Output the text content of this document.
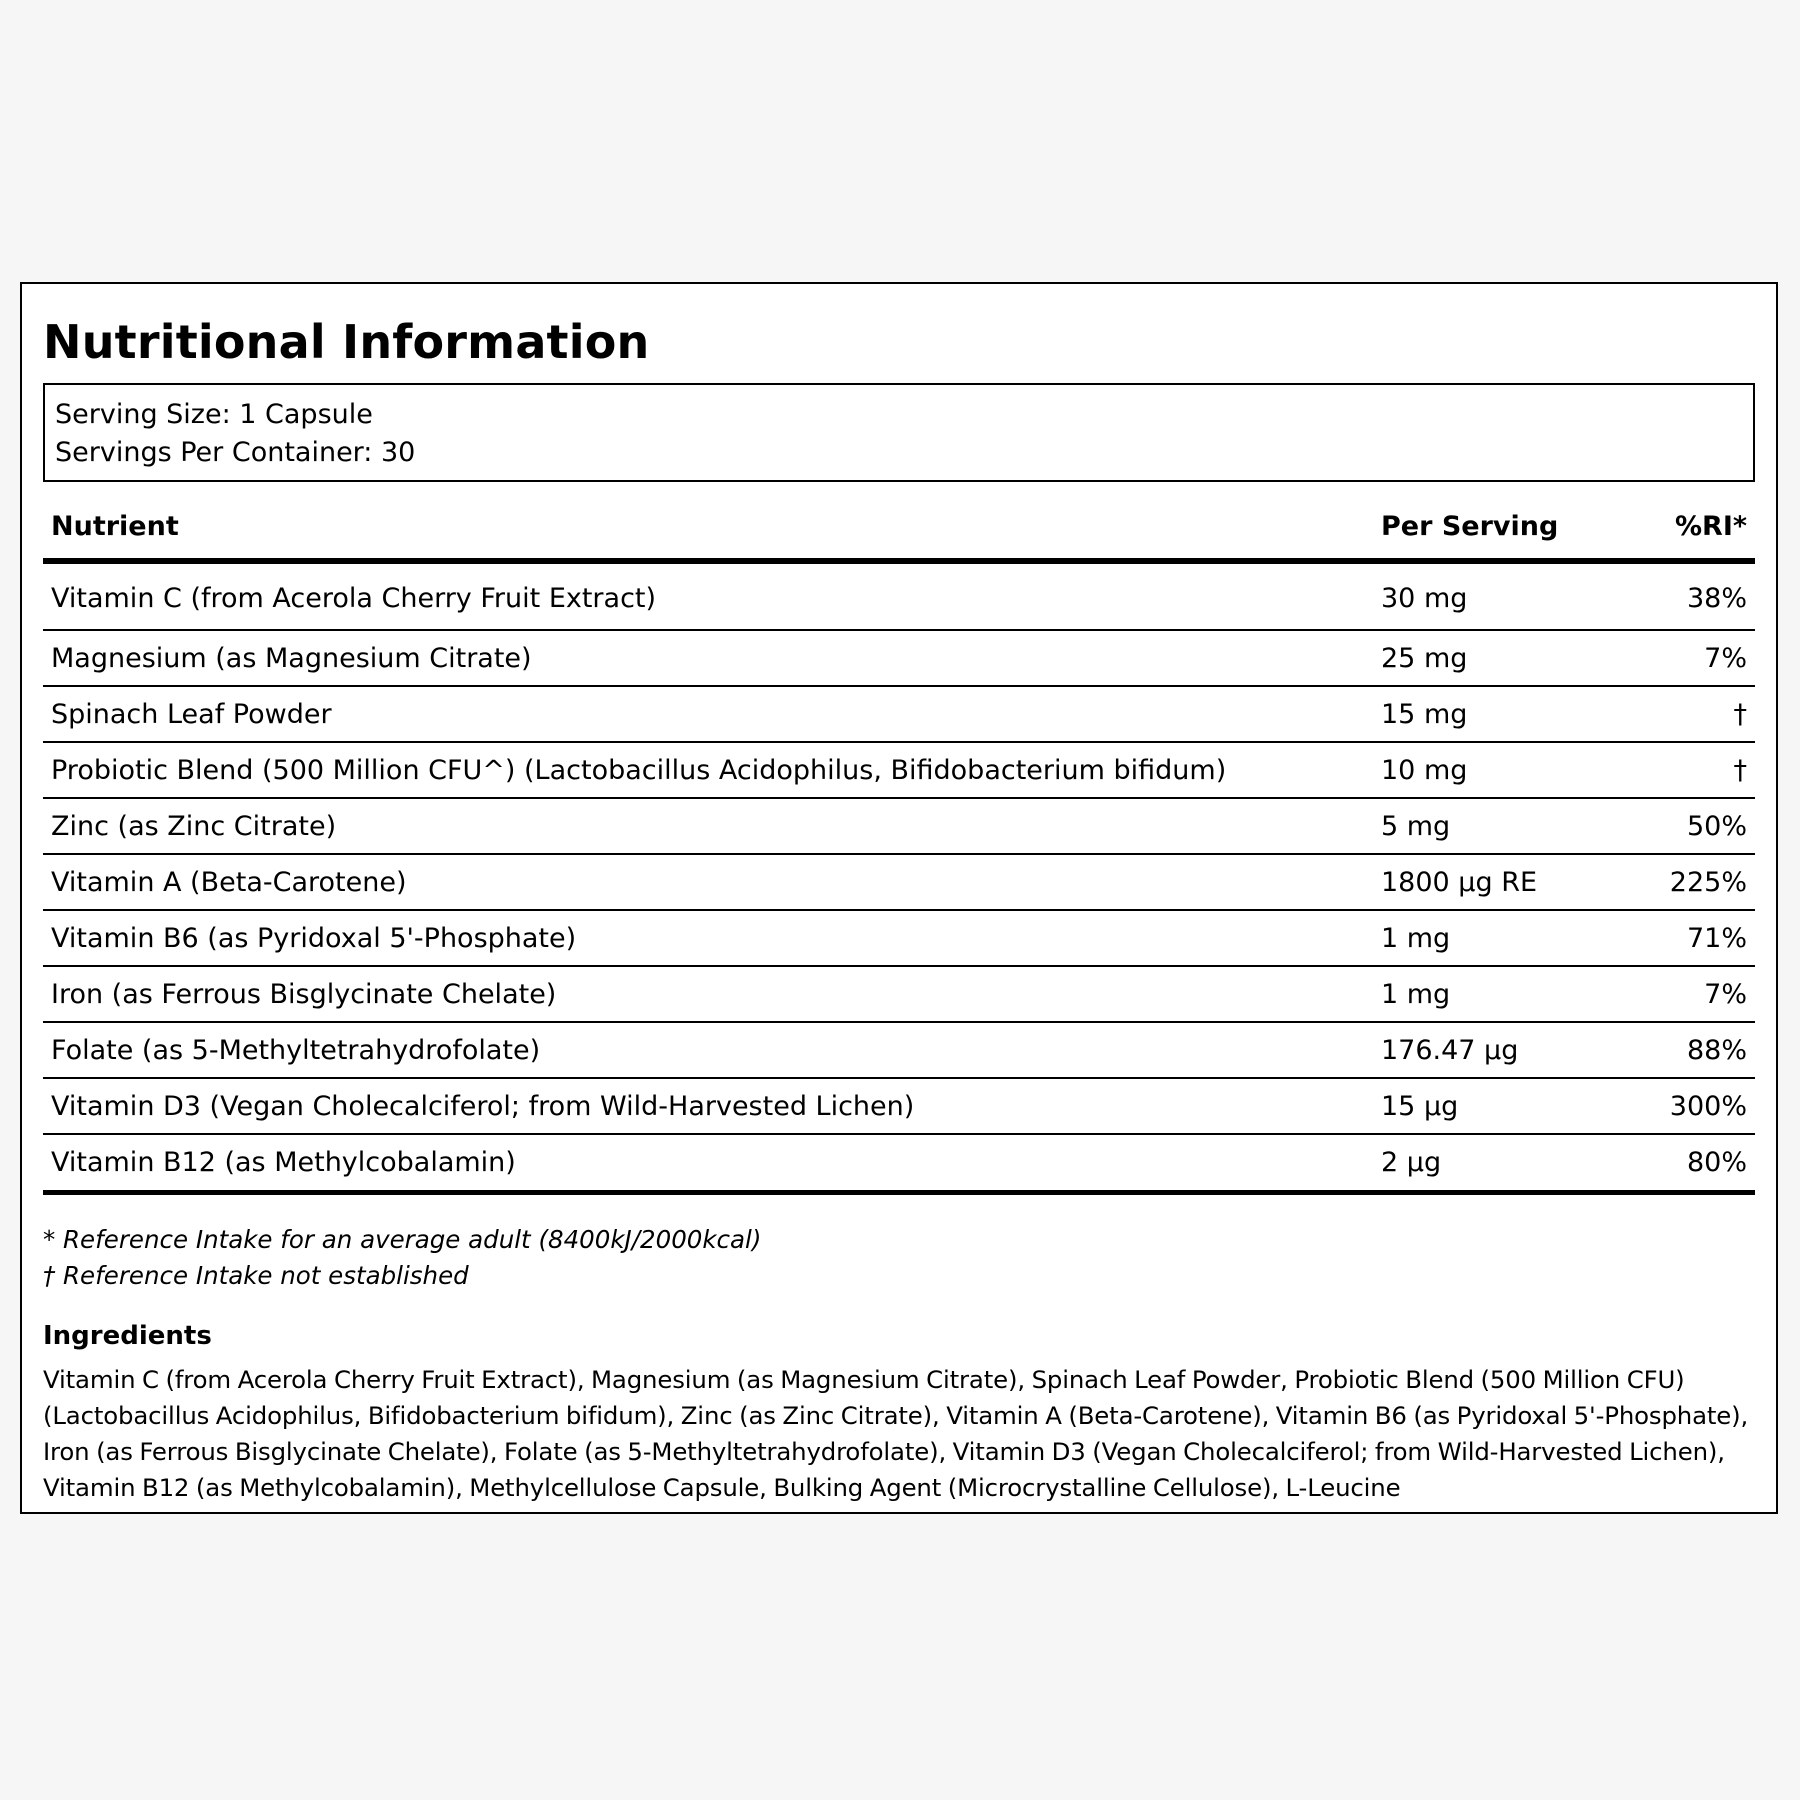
Nutritional Information
Serving Size: 1 Capsule
Servings Per Container: 30
Nutrient	Per Serving	%RI*
Vitamin C (from Acerola Cherry Fruit Extract)	30 mg	38%
Magnesium (as Magnesium Citrate)	25 mg	7%
Spinach Leaf Powder	15 mg	†
Probiotic Blend (500 Million CFU^) (Lactobacillus Acidophilus, Bifidobacterium bifidum)	10 mg	†
Zinc (as Zinc Citrate)	5 mg	50%
Vitamin A (Beta-Carotene)	1800 μg RE	225%
Vitamin B6 (as Pyridoxal 5'-Phosphate)	1 mg	71%
Iron (as Ferrous Bisglycinate Chelate)	1 mg	7%
Folate (as 5-Methyltetrahydrofolate)	176.47 μg	88%
Vitamin D3 (Vegan Cholecalciferol; from Wild-Harvested Lichen)	15 μg	300%
Vitamin B12 (as Methylcobalamin)	2 μg	80%
* Reference Intake for an average adult (8400kJ/2000kcal)
† Reference Intake not established
Ingredients
Vitamin C (from Acerola Cherry Fruit Extract), Magnesium (as Magnesium Citrate), Spinach Leaf Powder, Probiotic Blend (500 Million CFU) (Lactobacillus Acidophilus, Bifidobacterium bifidum), Zinc (as Zinc Citrate), Vitamin A (Beta-Carotene), Vitamin B6 (as Pyridoxal 5'-Phosphate), Iron (as Ferrous Bisglycinate Chelate), Folate (as 5-Methyltetrahydrofolate), Vitamin D3 (Vegan Cholecalciferol; from Wild-Harvested Lichen), Vitamin B12 (as Methylcobalamin), Methylcellulose Capsule, Bulking Agent (Microcrystalline Cellulose), L-Leucine
